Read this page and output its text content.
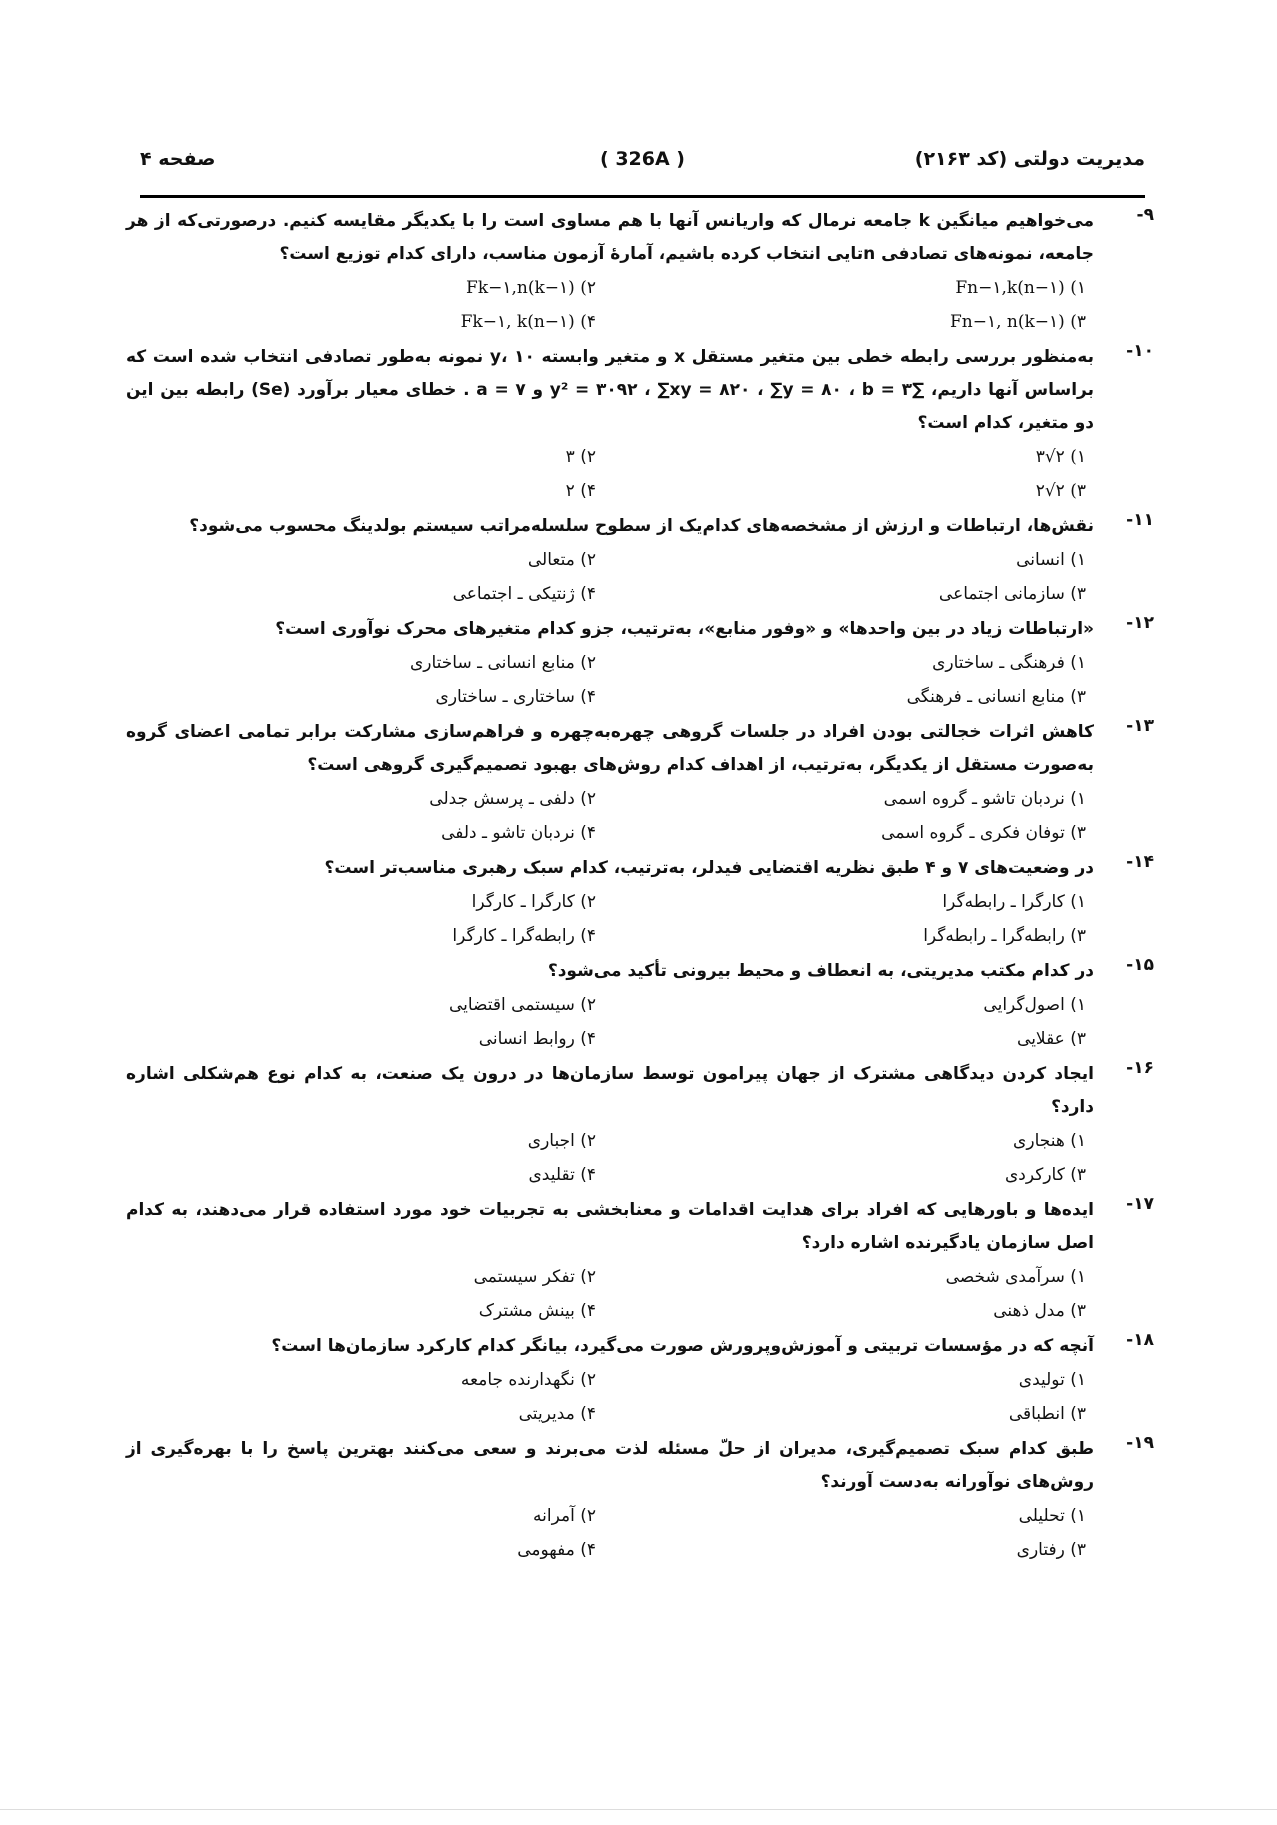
صفحه ۴	( 326A )	مدیریت دولتی (کد ۲۱۶۳)
۹-
می‌خواهیم میانگین k جامعه نرمال که واریانس آنها با هم مساوی است را با یکدیگر مقایسه کنیم. درصورتی‌که از هر جامعه، نمونه‌های تصادفی nتایی انتخاب کرده باشیم، آمارهٔ آزمون مناسب، دارای کدام توزیع است؟
۱) Fn−۱,k(n−۱)
۲) Fk−۱,n(k−۱)
۳) Fn−۱, n(k−۱)
۴) Fk−۱, k(n−۱)
۱۰-
به‌منظور بررسی رابطه خطی بین متغیر مستقل x و متغیر وابسته y، ۱۰ نمونه به‌طور تصادفی انتخاب شده است که براساس آنها داریم، ∑y² = ۳۰۹۲ ، ∑xy = ۸۲۰ ، ∑y = ۸۰ ، b = ۳ و a = ۷ . خطای معیار برآورد (Se) رابطه بین این دو متغیر، کدام است؟
۱) ۲√۳
۲) ۳
۳) ۲√۲
۴) ۲
۱۱-
نقش‌ها، ارتباطات و ارزش از مشخصه‌های کدام‌یک از سطوح سلسله‌مراتب سیستم بولدینگ محسوب می‌شود؟
۱) انسانی
۲) متعالی
۳) سازمانی اجتماعی
۴) ژنتیکی ـ اجتماعی
۱۲-
«ارتباطات زیاد در بین واحدها» و «وفور منابع»، به‌ترتیب، جزو کدام متغیرهای محرک نوآوری است؟
۱) فرهنگی ـ ساختاری
۲) منابع انسانی ـ ساختاری
۳) منابع انسانی ـ فرهنگی
۴) ساختاری ـ ساختاری
۱۳-
کاهش اثرات خجالتی بودن افراد در جلسات گروهی چهره‌به‌چهره و فراهم‌سازی مشارکت برابر تمامی اعضای گروه به‌صورت مستقل از یکدیگر، به‌ترتیب، از اهداف کدام روش‌های بهبود تصمیم‌گیری گروهی است؟
۱) نردبان تاشو ـ گروه اسمی
۲) دلفی ـ پرسش جدلی
۳) توفان فکری ـ گروه اسمی
۴) نردبان تاشو ـ دلفی
۱۴-
در وضعیت‌های ۷ و ۴ طبق نظریه اقتضایی فیدلر، به‌ترتیب، کدام سبک رهبری مناسب‌تر است؟
۱) کارگرا ـ رابطه‌گرا
۲) کارگرا ـ کارگرا
۳) رابطه‌گرا ـ رابطه‌گرا
۴) رابطه‌گرا ـ کارگرا
۱۵-
در کدام مکتب مدیریتی، به انعطاف و محیط بیرونی تأکید می‌شود؟
۱) اصول‌گرایی
۲) سیستمی اقتضایی
۳) عقلایی
۴) روابط انسانی
۱۶-
ایجاد کردن دیدگاهی مشترک از جهان پیرامون توسط سازمان‌ها در درون یک صنعت، به کدام نوع هم‌شکلی اشاره دارد؟
۱) هنجاری
۲) اجباری
۳) کارکردی
۴) تقلیدی
۱۷-
ایده‌ها و باورهایی که افراد برای هدایت اقدامات و معنابخشی به تجربیات خود مورد استفاده قرار می‌دهند، به کدام اصل سازمان یادگیرنده اشاره دارد؟
۱) سرآمدی شخصی
۲) تفکر سیستمی
۳) مدل ذهنی
۴) بینش مشترک
۱۸-
آنچه که در مؤسسات تربیتی و آموزش‌وپرورش صورت می‌گیرد، بیانگر کدام کارکرد سازمان‌ها است؟
۱) تولیدی
۲) نگهدارنده جامعه
۳) انطباقی
۴) مدیریتی
۱۹-
طبق کدام سبک تصمیم‌گیری، مدیران از حلّ مسئله لذت می‌برند و سعی می‌کنند بهترین پاسخ را با بهره‌گیری از روش‌های نوآورانه به‌دست آورند؟
۱) تحلیلی
۲) آمرانه
۳) رفتاری
۴) مفهومی
